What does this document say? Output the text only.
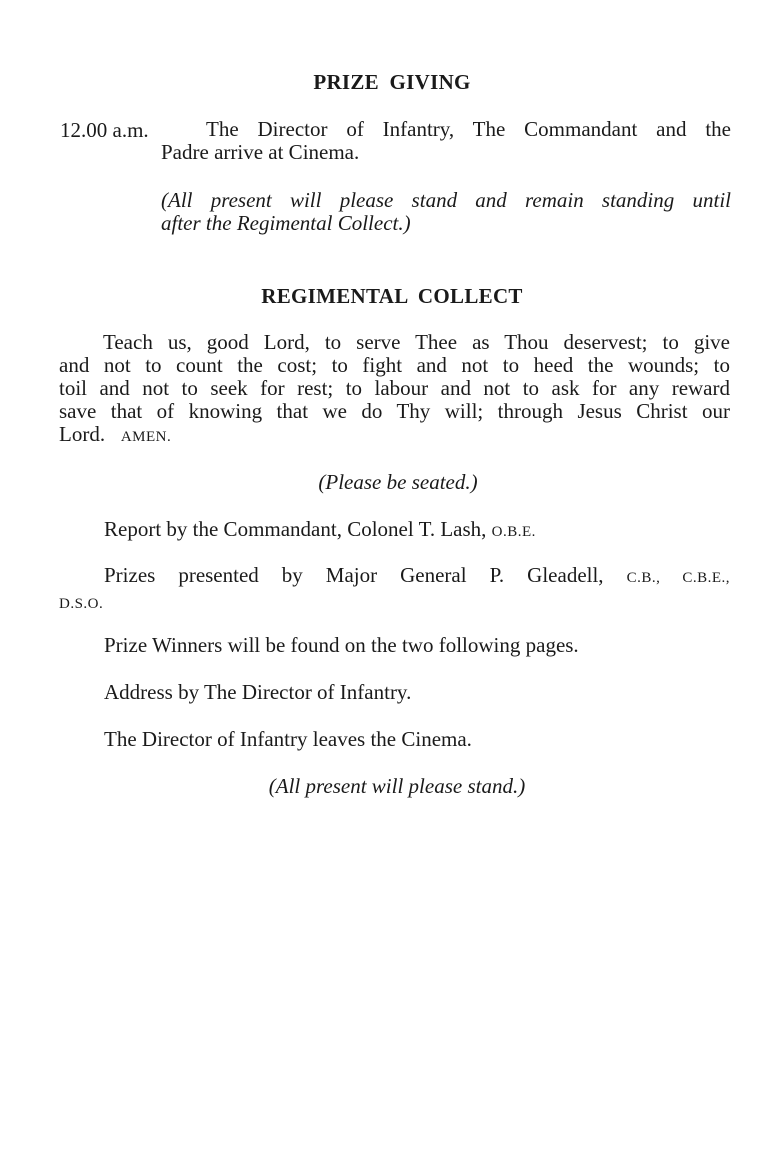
PRIZE GIVING
12.00 a.m.	The Director of Infantry, The Commandant and the
Padre arrive at Cinema.
(All present will please stand and remain standing until
after the Regimental Collect.)
REGIMENTAL COLLECT
Teach us, good Lord, to serve Thee as Thou deservest; to give
and not to count the cost; to fight and not to heed the wounds; to
toil and not to seek for rest; to labour and not to ask for any reward
save that of knowing that we do Thy will; through Jesus Christ our
Lord. AMEN.

(Please be seated.)

Report by the Commandant, Colonel T. Lash, O.B.E.

Prizes presented by Major General P. Gleadell, C.B., C.B.E.,
D.S.O.

Prize Winners will be found on the two following pages.

Address by The Director of Infantry.

The Director of Infantry leaves the Cinema.

(All present will please stand.)
